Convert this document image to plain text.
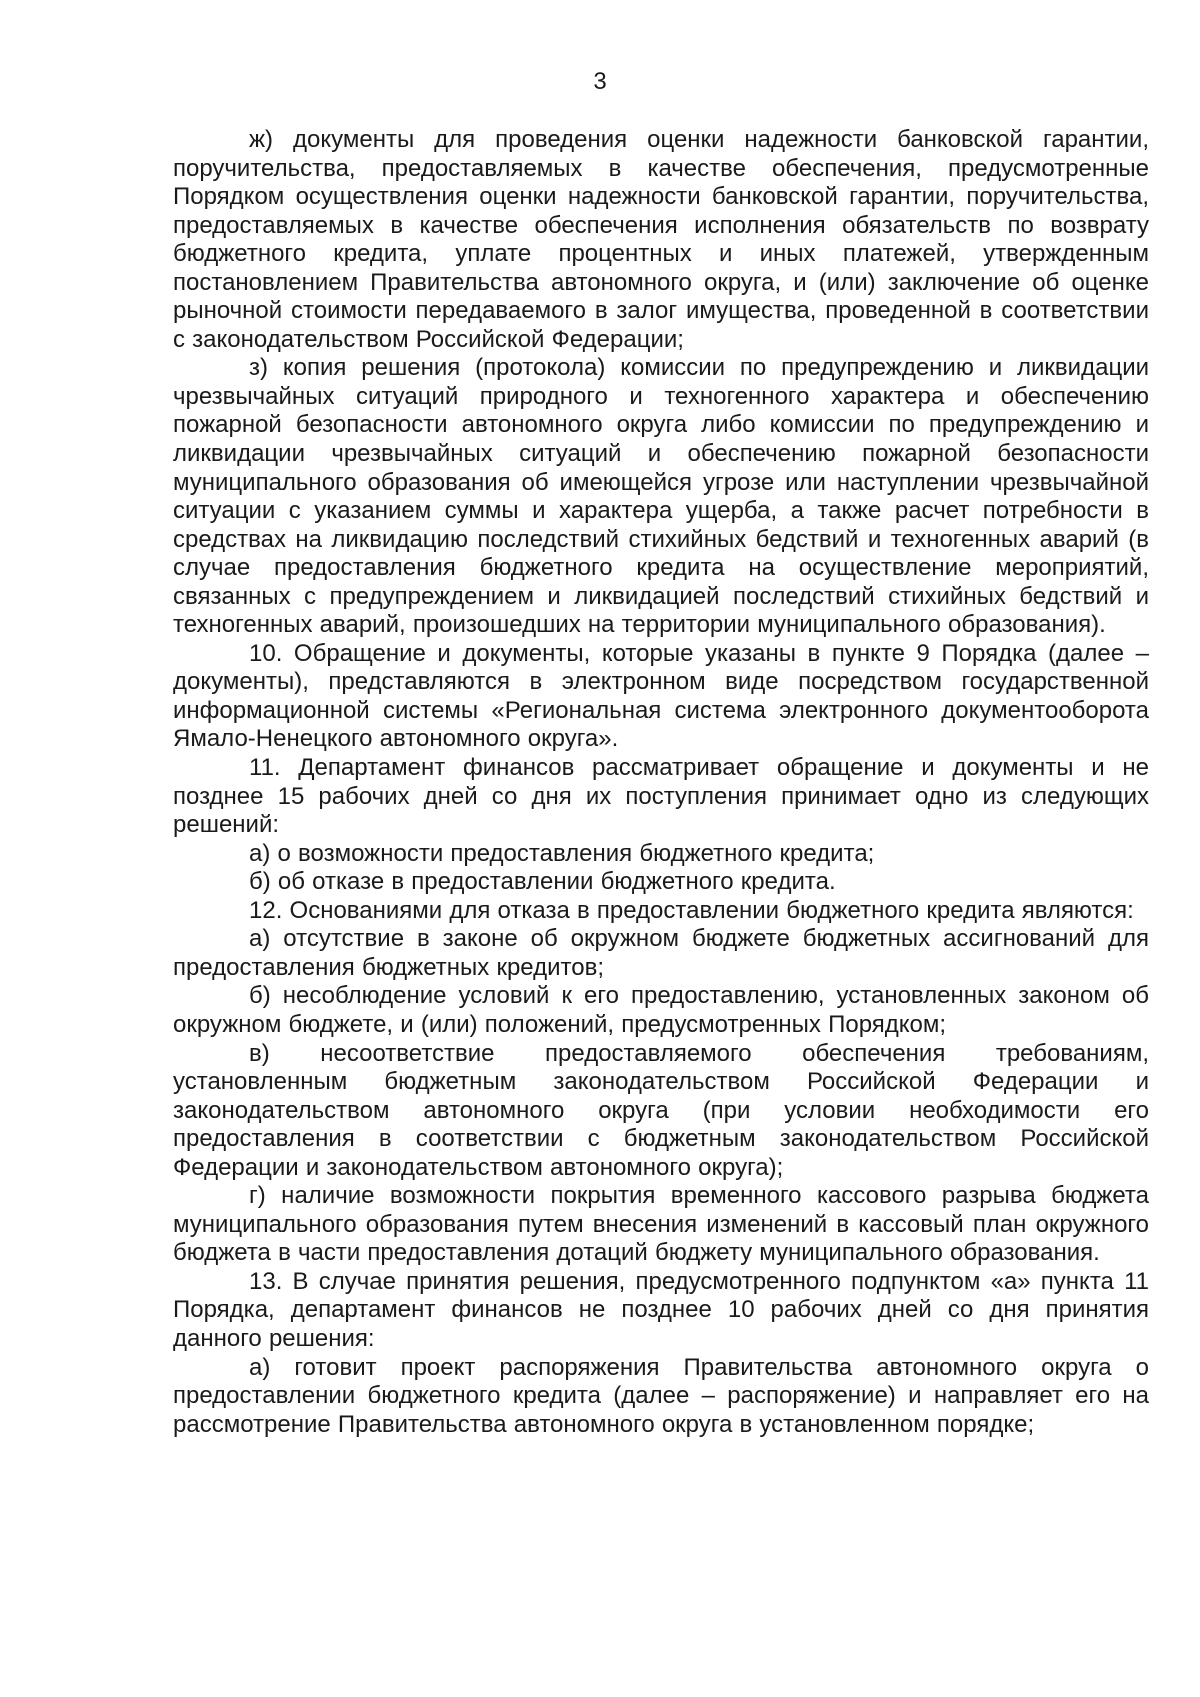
3

ж) документы для проведения оценки надежности банковской гарантии, поручительства, предоставляемых в качестве обеспечения, предусмотренные Порядком осуществления оценки надежности банковской гарантии, поручительства, предоставляемых в качестве обеспечения исполнения обязательств по возврату бюджетного кредита, уплате процентных и иных платежей, утвержденным постановлением Правительства автономного округа, и (или) заключение об оценке рыночной стоимости передаваемого в залог имущества, проведенной в соответствии с законодательством Российской Федерации;

з) копия решения (протокола) комиссии по предупреждению и ликвидации чрезвычайных ситуаций природного и техногенного характера и обеспечению пожарной безопасности автономного округа либо комиссии по предупреждению и ликвидации чрезвычайных ситуаций и обеспечению пожарной безопасности муниципального образования об имеющейся угрозе или наступлении чрезвычайной ситуации с указанием суммы и характера ущерба, а также расчет потребности в средствах на ликвидацию последствий стихийных бедствий и техногенных аварий (в случае предоставления бюджетного кредита на осуществление мероприятий, связанных с предупреждением и ликвидацией последствий стихийных бедствий и техногенных аварий, произошедших на территории муниципального образования).

10. Обращение и документы, которые указаны в пункте 9 Порядка (далее – документы), представляются в электронном виде посредством государственной информационной системы «Региональная система электронного документооборота Ямало-Ненецкого автономного округа».

11. Департамент финансов рассматривает обращение и документы и не позднее 15 рабочих дней со дня их поступления принимает одно из следующих решений:

а) о возможности предоставления бюджетного кредита;

б) об отказе в предоставлении бюджетного кредита.

12. Основаниями для отказа в предоставлении бюджетного кредита являются:

а) отсутствие в законе об окружном бюджете бюджетных ассигнований для предоставления бюджетных кредитов;

б) несоблюдение условий к его предоставлению, установленных законом об окружном бюджете, и (или) положений, предусмотренных Порядком;

в) несоответствие предоставляемого обеспечения требованиям, установленным бюджетным законодательством Российской Федерации и законодательством автономного округа (при условии необходимости его предоставления в соответствии с бюджетным законодательством Российской Федерации и законодательством автономного округа);

г) наличие возможности покрытия временного кассового разрыва бюджета муниципального образования путем внесения изменений в кассовый план окружного бюджета в части предоставления дотаций бюджету муниципального образования.

13. В случае принятия решения, предусмотренного подпунктом «а» пункта 11 Порядка, департамент финансов не позднее 10 рабочих дней со дня принятия данного решения:

а) готовит проект распоряжения Правительства автономного округа о предоставлении бюджетного кредита (далее – распоряжение) и направляет его на рассмотрение Правительства автономного округа в установленном порядке;
